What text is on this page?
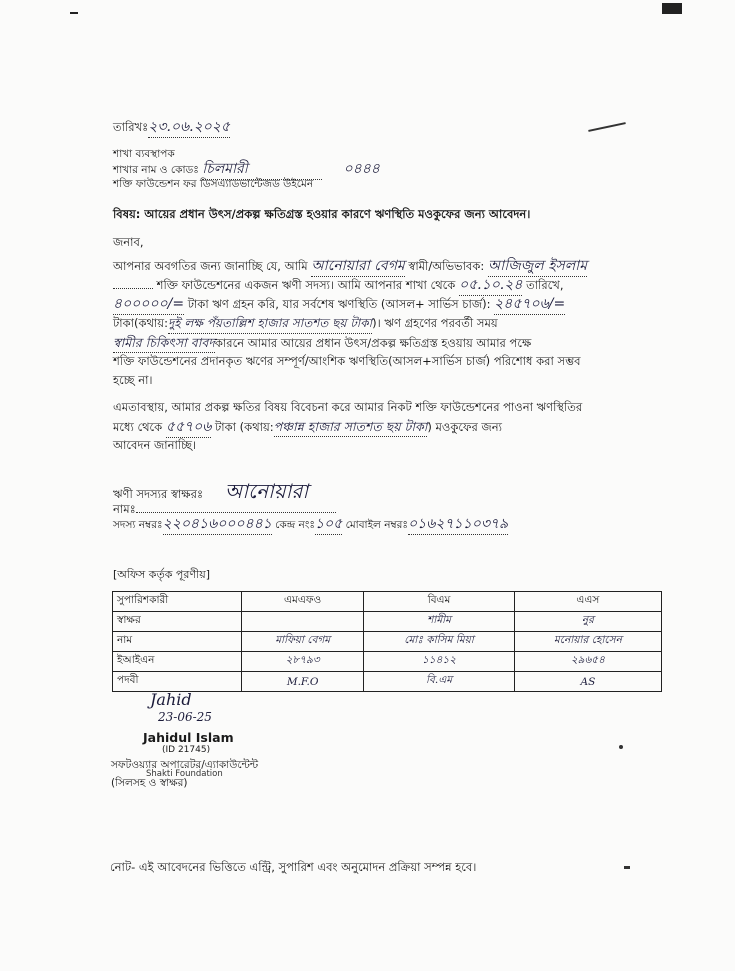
তারিখঃ২৩.০৬.২০২৫
শাখা ব্যবস্থাপক
শাখার নাম ও কোডঃ চিলমারী	০৪৪৪
শক্তি ফাউন্ডেশন ফর ডিসএ্যাডভান্টেজড উইমেন
বিষয়: আয়ের প্রধান উৎস/প্রকল্প ক্ষতিগ্রস্ত হওয়ার কারণে ঋণস্থিতি মওকুফের জন্য আবেদন।
জনাব,
আপনার অবগতির জন্য জানাচ্ছি যে, আমি আনোয়ারা বেগম স্বামী/অভিভাবক: আজিজুল ইসলাম
শক্তি ফাউন্ডেশনের একজন ঋণী সদস্য। আমি আপনার শাখা থেকে ০৫.১০.২৪ তারিখে,
৪০০০০০/= টাকা ঋণ গ্রহন করি, যার সর্বশেষ ঋণস্থিতি (আসল+ সার্ভিস চার্জ): ২৪৫৭০৬/=
টাকা(কথায়:দুই লক্ষ পঁয়তাল্লিশ হাজার সাতশত ছয় টাকা)। ঋণ গ্রহণের পরবর্তী সময়
স্বামীর চিকিৎসা বাবদকারনে আমার আয়ের প্রধান উৎস/প্রকল্প ক্ষতিগ্রস্ত হওয়ায় আমার পক্ষে
শক্তি ফাউন্ডেশনের প্রদানকৃত ঋণের সম্পূর্ণ/আংশিক ঋণস্থিতি(আসল+সার্ভিস চার্জ) পরিশোধ করা সম্ভব
হচ্ছে না।
এমতাবস্থায়, আমার প্রকল্প ক্ষতির বিষয় বিবেচনা করে আমার নিকট শক্তি ফাউন্ডেশনের পাওনা ঋণস্থিতির
মধ্যে থেকে ৫৫৭০৬ টাকা (কথায়:পঞ্চান্ন হাজার সাতশত ছয় টাকা) মওকুফের জন্য
আবেদন জানাচ্ছি।
ঋণী সদস্যর স্বাক্ষরঃ আনোয়ারা
নামঃ
সদস্য নম্বরঃ২২০৪১৬০০০৪৪১ কেন্দ্র নংঃ১০৫ মোবাইল নম্বরঃ০১৬২৭১১০৩৭৯
[অফিস কর্তৃক পূরণীয়]
সুপারিশকারী	এমএফও	বিএম	এএস
স্বাক্ষর		শামীম	নুর
নাম	মাফিয়া বেগম	মোঃ কাসিম মিয়া	মনোয়ার হোসেন
ইআইএন	২৮৭৯৩	১১৪১২	২৯৬৫৪
পদবী	M.F.O	বি.এম	AS
Jahid
23-06-25
Jahidul Islam
(ID 21745)
Shakti Foundation
সফটওয়্যার অপারেটর/এ্যাকাউন্টেন্ট
(সিলসহ ও স্বাক্ষর)
নোট- এই আবেদনের ভিত্তিতে এন্ট্রি, সুপারিশ এবং অনুমোদন প্রক্রিয়া সম্পন্ন হবে।
